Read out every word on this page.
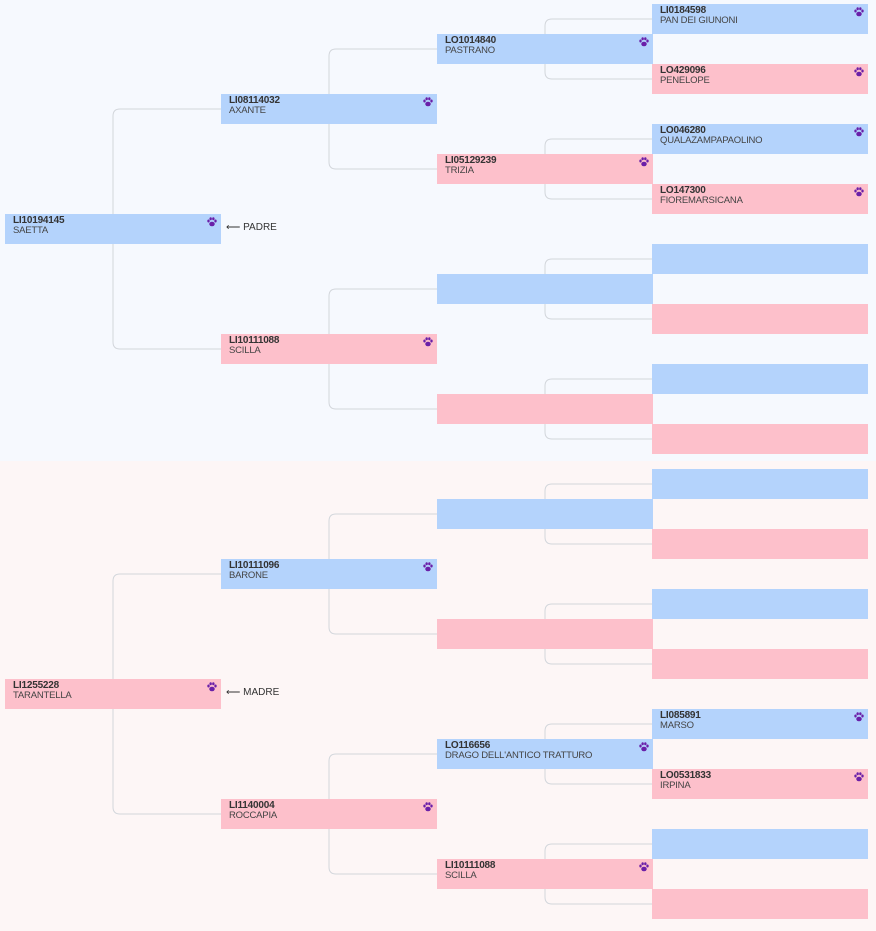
LI0184598
PAN DEI GIUNONI
LO429096
PENELOPE
LO1014840
PASTRANO
LO046280
QUALAZAMPAPAOLINO
LO147300
FIOREMARSICANA
LI05129239
TRIZIA
LI08114032
AXANTE
LI10111088
SCILLA
LI10194145
SAETTA
LI10111096
BARONE
LI085891
MARSO
LO0531833
IRPINA
LO116656
DRAGO DELL'ANTICO TRATTURO
LI10111088
SCILLA
LI1140004
ROCCAPIA
LI1255228
TARANTELLA
⟵ PADRE
⟵ MADRE
